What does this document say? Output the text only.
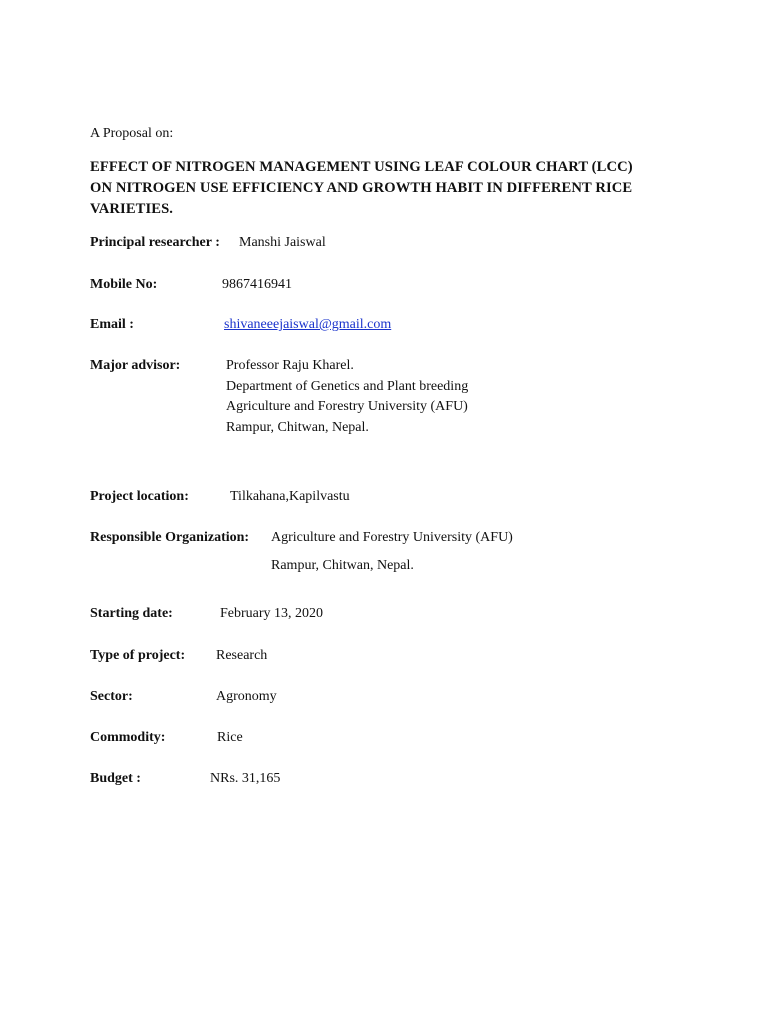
A Proposal on:
EFFECT OF NITROGEN MANAGEMENT USING LEAF COLOUR CHART (LCC)
ON NITROGEN USE EFFICIENCY AND GROWTH HABIT IN DIFFERENT RICE
VARIETIES.
Principal researcher : Manshi Jaiswal
Mobile No:	9867416941
Email :	shivaneeejaiswal@gmail.com
Major advisor:	Professor Raju Kharel.
Department of Genetics and Plant breeding
Agriculture and Forestry University (AFU)
Rampur, Chitwan, Nepal.
Project location:	Tilkahana,Kapilvastu
Responsible Organization: Agriculture and Forestry University (AFU)
Rampur, Chitwan, Nepal.
Starting date:	February 13, 2020
Type of project: Research
Sector:	Agronomy
Commodity:	Rice
Budget :	NRs. 31,165
